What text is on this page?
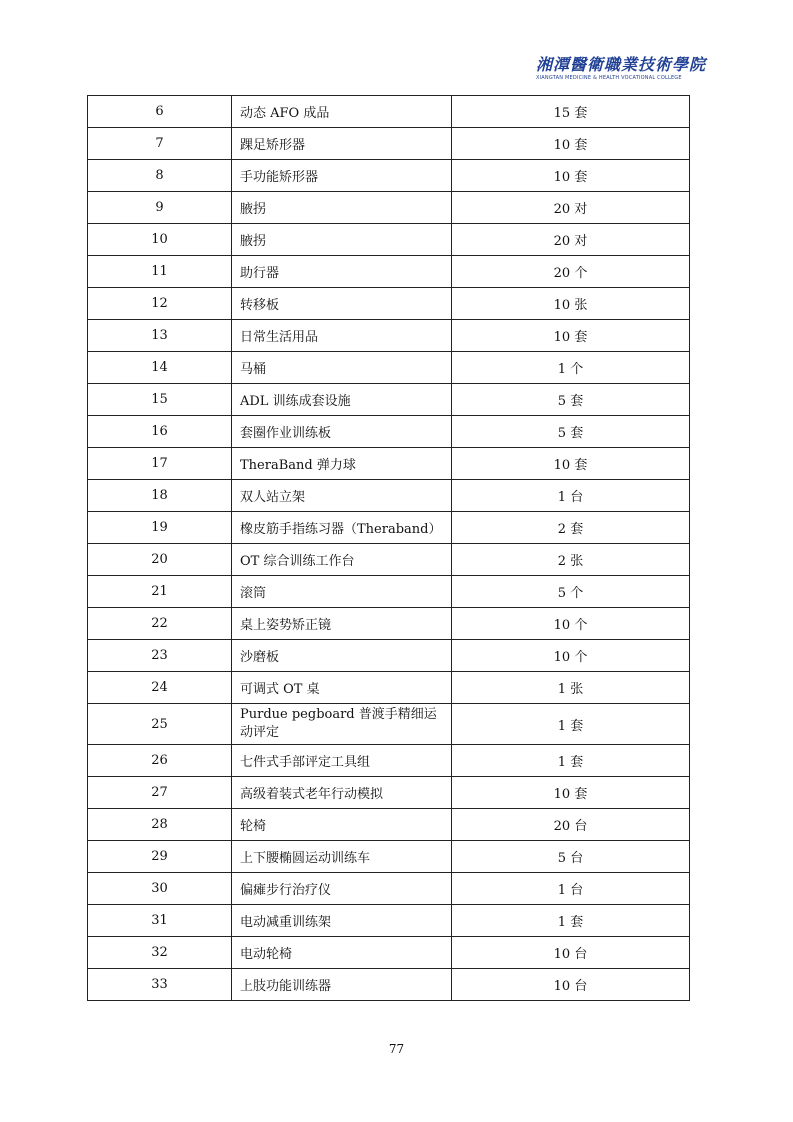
湘潭醫衛職業技術學院
XIANGTAN MEDICINE & HEALTH VOCATIONAL COLLEGE
6	动态 AFO 成品	15 套
7	踝足矫形器	10 套
8	手功能矫形器	10 套
9	腋拐	20 对
10	腋拐	20 对
11	助行器	20 个
12	转移板	10 张
13	日常生活用品	10 套
14	马桶	1 个
15	ADL 训练成套设施	5 套
16	套圈作业训练板	5 套
17	TheraBand 弹力球	10 套
18	双人站立架	1 台
19	橡皮筋手指练习器（Theraband）	2 套
20	OT 综合训练工作台	2 张
21	滚筒	5 个
22	桌上姿势矫正镜	10 个
23	沙磨板	10 个
24	可调式 OT 桌	1 张
25	Purdue pegboard 普渡手精细运动评定	1 套
26	七件式手部评定工具组	1 套
27	高级着装式老年行动模拟	10 套
28	轮椅	20 台
29	上下腰椭圆运动训练车	5 台
30	偏瘫步行治疗仪	1 台
31	电动减重训练架	1 套
32	电动轮椅	10 台
33	上肢功能训练器	10 台
77
